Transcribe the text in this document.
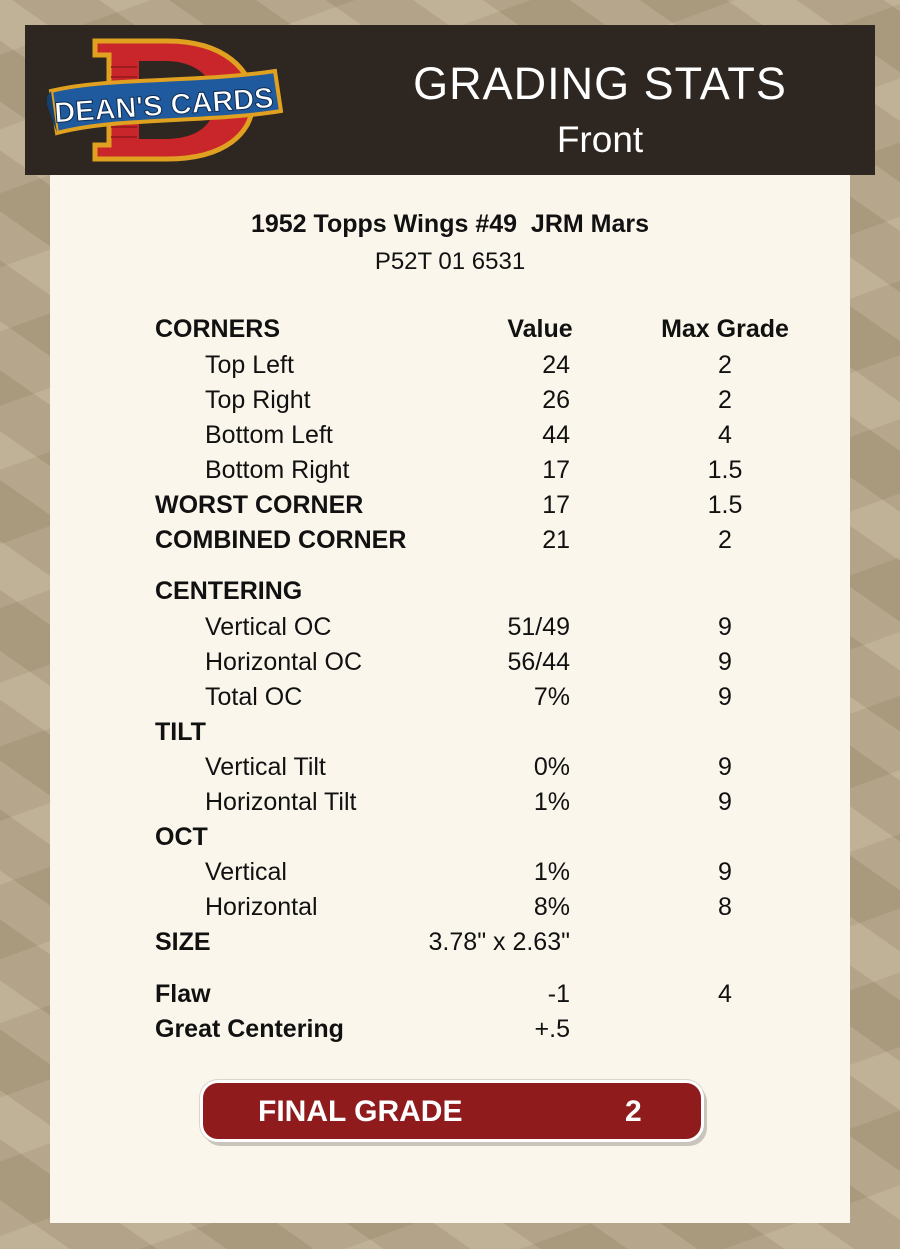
DEAN'S CARDS	GRADING STATS
Front
1952 Topps Wings #49  JRM Mars
P52T 01 6531
CORNERS	Value	Max Grade
Top Left	24	2
Top Right	26	2
Bottom Left	44	4
Bottom Right	17	1.5
WORST CORNER	17	1.5
COMBINED CORNER	21	2
CENTERING
Vertical OC	51/49	9
Horizontal OC	56/44	9
Total OC	7%	9
TILT
Vertical Tilt	0%	9
Horizontal Tilt	1%	9
OCT
Vertical	1%	9
Horizontal	8%	8
SIZE	3.78" x 2.63"
Flaw	-1	4
Great Centering	+.5
FINAL GRADE	2
